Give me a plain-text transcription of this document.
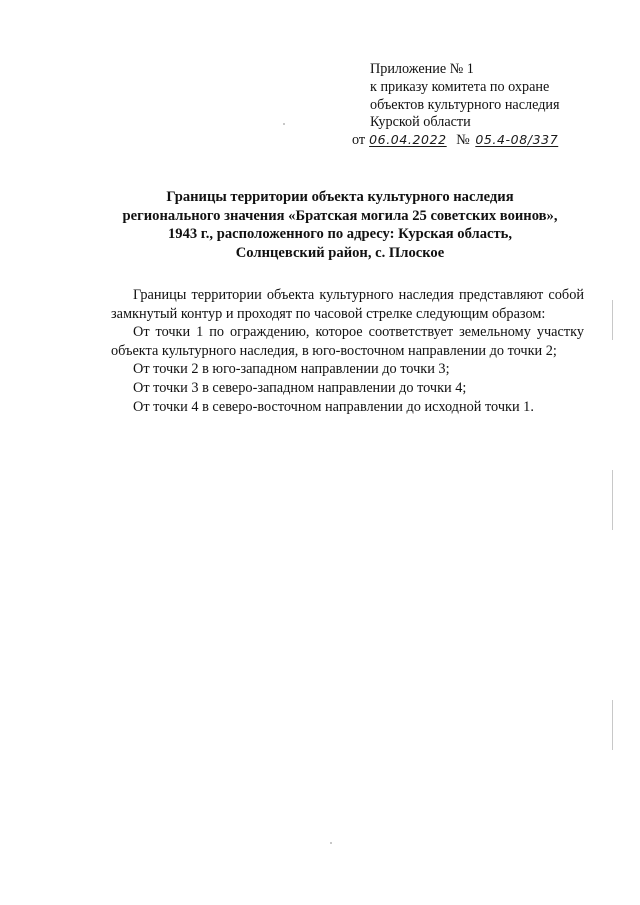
Приложение № 1
к приказу комитета по охране
объектов культурного наследия
Курской области
от 06.04.2022 № 05.4-08/337
Границы территории объекта культурного наследия
регионального значения «Братская могила 25 советских воинов»,
1943 г., расположенного по адресу: Курская область,
Солнцевский район, с. Плоское

Границы территории объекта культурного наследия представляют собой замкнутый контур и проходят по часовой стрелке следующим образом:

От точки 1 по ограждению, которое соответствует земельному участку объекта культурного наследия, в юго-восточном направлении до точки 2;

От точки 2 в юго-западном направлении до точки 3;

От точки 3 в северо-западном направлении до точки 4;

От точки 4 в северо-восточном направлении до исходной точки 1.
